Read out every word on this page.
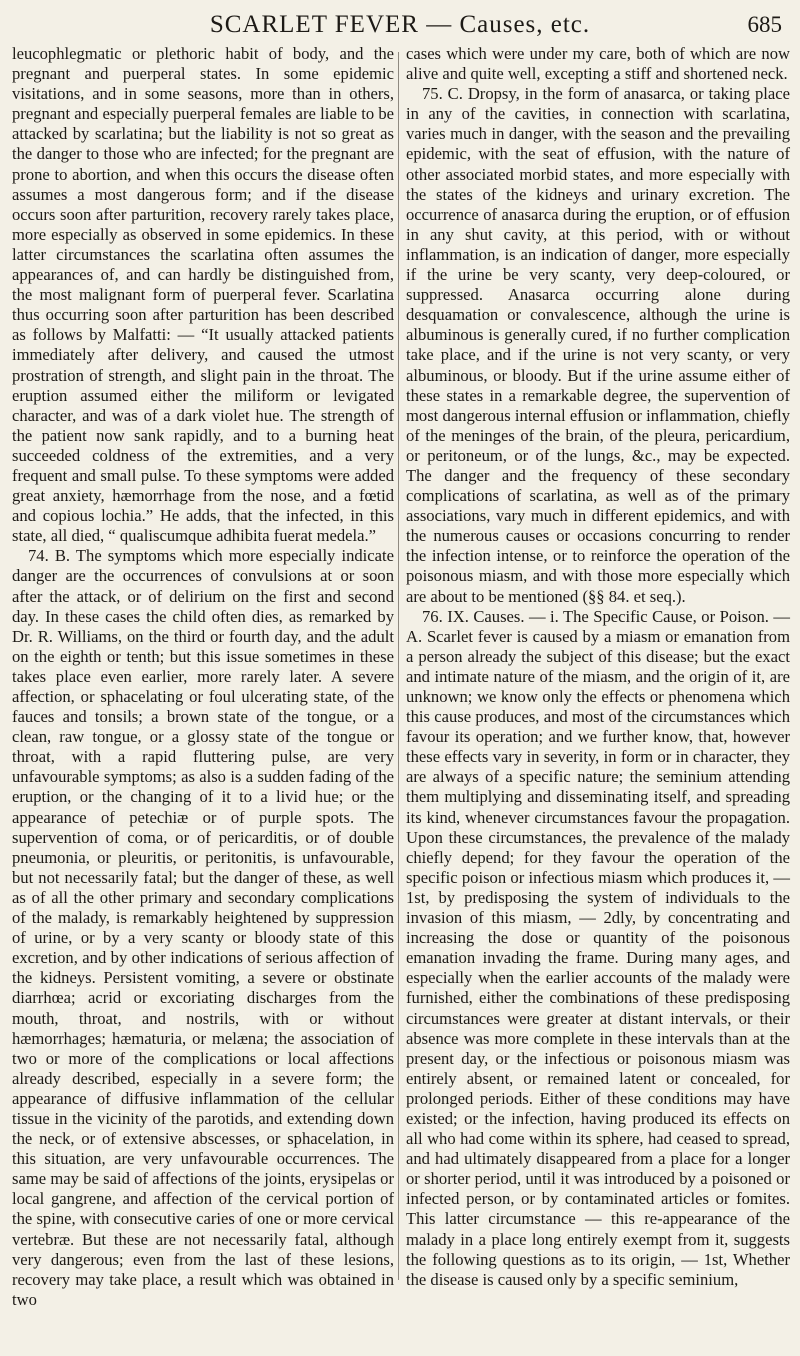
SCARLET FEVER — Causes, etc.	685

leucophlegmatic or plethoric habit of body, and the pregnant and puerperal states. In some epidemic visitations, and in some seasons, more than in others, pregnant and especially puerperal females are liable to be attacked by scarlatina; but the liability is not so great as the danger to those who are infected; for the pregnant are prone to abortion, and when this occurs the disease often assumes a most dangerous form; and if the disease occurs soon after parturition, recovery rarely takes place, more especially as observed in some epidemics. In these latter circumstances the scarlatina often assumes the appearances of, and can hardly be distinguished from, the most malignant form of puerperal fever. Scarlatina thus occurring soon after parturition has been described as follows by Malfatti: — “It usually attacked patients immediately after delivery, and caused the utmost prostration of strength, and slight pain in the throat. The eruption assumed either the miliform or levigated character, and was of a dark violet hue. The strength of the patient now sank rapidly, and to a burning heat succeeded coldness of the extremities, and a very frequent and small pulse. To these symptoms were added great anxiety, hæmorrhage from the nose, and a fœtid and copious lochia.” He adds, that the infected, in this state, all died, “ qualiscumque adhibita fuerat medela.”

74. B. The symptoms which more especially indicate danger are the occurrences of convulsions at or soon after the attack, or of delirium on the first and second day. In these cases the child often dies, as remarked by Dr. R. Williams, on the third or fourth day, and the adult on the eighth or tenth; but this issue sometimes in these takes place even earlier, more rarely later. A severe affection, or sphacelating or foul ulcerating state, of the fauces and tonsils; a brown state of the tongue, or a clean, raw tongue, or a glossy state of the tongue or throat, with a rapid fluttering pulse, are very unfavourable symptoms; as also is a sudden fading of the eruption, or the changing of it to a livid hue; or the appearance of petechiæ or of purple spots. The supervention of coma, or of pericarditis, or of double pneumonia, or pleuritis, or peritonitis, is unfavourable, but not necessarily fatal; but the danger of these, as well as of all the other primary and secondary complications of the malady, is remarkably heightened by suppression of urine, or by a very scanty or bloody state of this excretion, and by other indications of serious affection of the kidneys. Persistent vomiting, a severe or obstinate diarrhœa; acrid or excoriating discharges from the mouth, throat, and nostrils, with or without hæmorrhages; hæmaturia, or melæna; the association of two or more of the complications or local affections already described, especially in a severe form; the appearance of diffusive inflammation of the cellular tissue in the vicinity of the parotids, and extending down the neck, or of extensive abscesses, or sphacelation, in this situation, are very unfavourable occurrences. The same may be said of affections of the joints, erysipelas or local gangrene, and affection of the cervical portion of the spine, with consecutive caries of one or more cervical vertebræ. But these are not necessarily fatal, although very dangerous; even from the last of these lesions, recovery may take place, a result which was obtained in two

cases which were under my care, both of which are now alive and quite well, excepting a stiff and shortened neck.

75. C. Dropsy, in the form of anasarca, or taking place in any of the cavities, in connection with scarlatina, varies much in danger, with the season and the prevailing epidemic, with the seat of effusion, with the nature of other associated morbid states, and more especially with the states of the kidneys and urinary excretion. The occurrence of anasarca during the eruption, or of effusion in any shut cavity, at this period, with or without inflammation, is an indication of danger, more especially if the urine be very scanty, very deep-coloured, or suppressed. Anasarca occurring alone during desquamation or convalescence, although the urine is albuminous is generally cured, if no further complication take place, and if the urine is not very scanty, or very albuminous, or bloody. But if the urine assume either of these states in a remarkable degree, the supervention of most dangerous internal effusion or inflammation, chiefly of the meninges of the brain, of the pleura, pericardium, or peritoneum, or of the lungs, &c., may be expected. The danger and the frequency of these secondary complications of scarlatina, as well as of the primary associations, vary much in different epidemics, and with the numerous causes or occasions concurring to render the infection intense, or to reinforce the operation of the poisonous miasm, and with those more especially which are about to be mentioned (§§ 84. et seq.).

76. IX. Causes. — i. The Specific Cause, or Poison. — A. Scarlet fever is caused by a miasm or emanation from a person already the subject of this disease; but the exact and intimate nature of the miasm, and the origin of it, are unknown; we know only the effects or phenomena which this cause produces, and most of the circumstances which favour its operation; and we further know, that, however these effects vary in severity, in form or in character, they are always of a specific nature; the seminium attending them multiplying and disseminating itself, and spreading its kind, whenever circumstances favour the propagation. Upon these circumstances, the prevalence of the malady chiefly depend; for they favour the operation of the specific poison or infectious miasm which produces it, — 1st, by predisposing the system of individuals to the invasion of this miasm, — 2dly, by concentrating and increasing the dose or quantity of the poisonous emanation invading the frame. During many ages, and especially when the earlier accounts of the malady were furnished, either the combinations of these predisposing circumstances were greater at distant intervals, or their absence was more complete in these intervals than at the present day, or the infectious or poisonous miasm was entirely absent, or remained latent or concealed, for prolonged periods. Either of these conditions may have existed; or the infection, having produced its effects on all who had come within its sphere, had ceased to spread, and had ultimately disappeared from a place for a longer or shorter period, until it was introduced by a poisoned or infected person, or by contaminated articles or fomites. This latter circumstance — this re-appearance of the malady in a place long entirely exempt from it, suggests the following questions as to its origin, — 1st, Whether the disease is caused only by a specific seminium,
